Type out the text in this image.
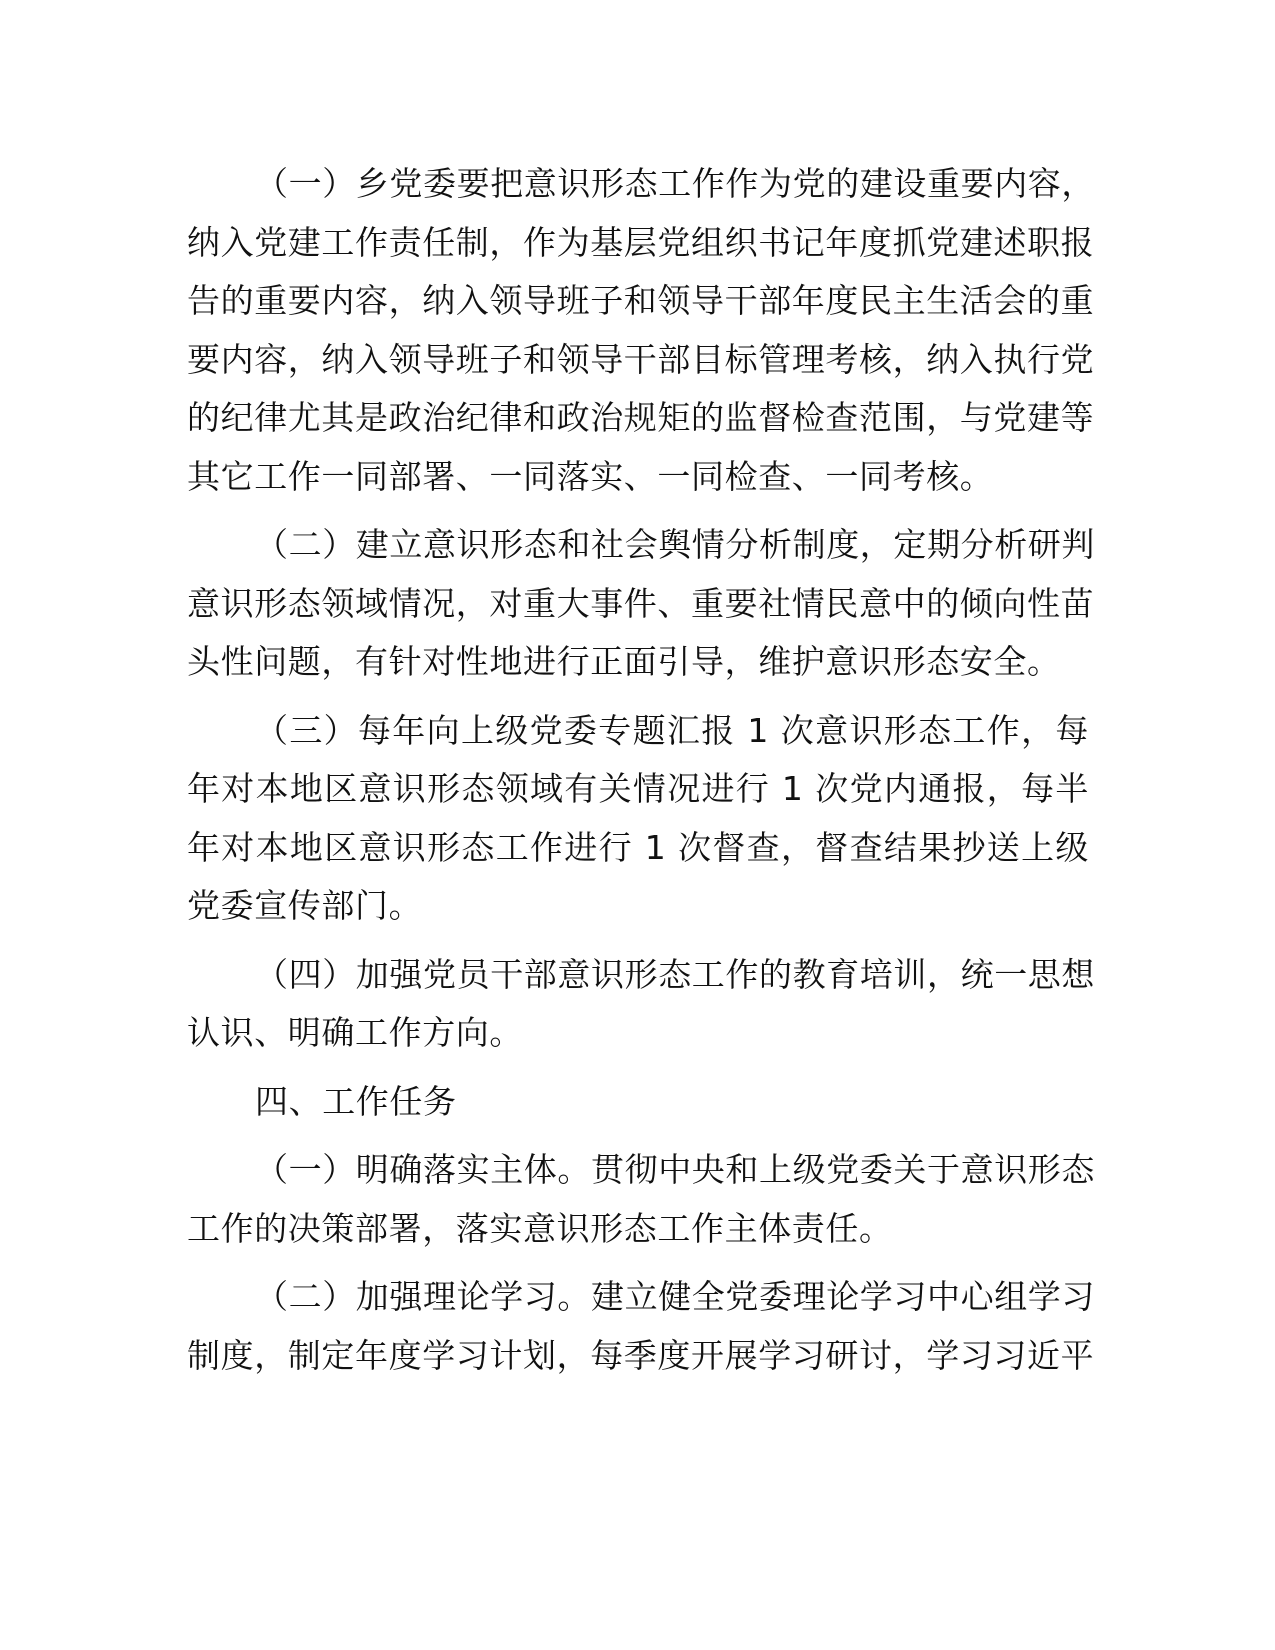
（一）乡党委要把意识形态工作作为党的建设重要内容，
纳入党建工作责任制，作为基层党组织书记年度抓党建述职报
告的重要内容，纳入领导班子和领导干部年度民主生活会的重
要内容，纳入领导班子和领导干部目标管理考核，纳入执行党
的纪律尤其是政治纪律和政治规矩的监督检查范围，与党建等
其它工作一同部署、一同落实、一同检查、一同考核。
（二）建立意识形态和社会舆情分析制度，定期分析研判
意识形态领域情况，对重大事件、重要社情民意中的倾向性苗
头性问题，有针对性地进行正面引导，维护意识形态安全。
（三）每年向上级党委专题汇报 1 次意识形态工作，每
年对本地区意识形态领域有关情况进行 1 次党内通报，每半
年对本地区意识形态工作进行 1 次督查，督查结果抄送上级
党委宣传部门。
（四）加强党员干部意识形态工作的教育培训，统一思想
认识、明确工作方向。
四、工作任务
（一）明确落实主体。贯彻中央和上级党委关于意识形态
工作的决策部署，落实意识形态工作主体责任。
（二）加强理论学习。建立健全党委理论学习中心组学习
制度，制定年度学习计划，每季度开展学习研讨，学习习近平
